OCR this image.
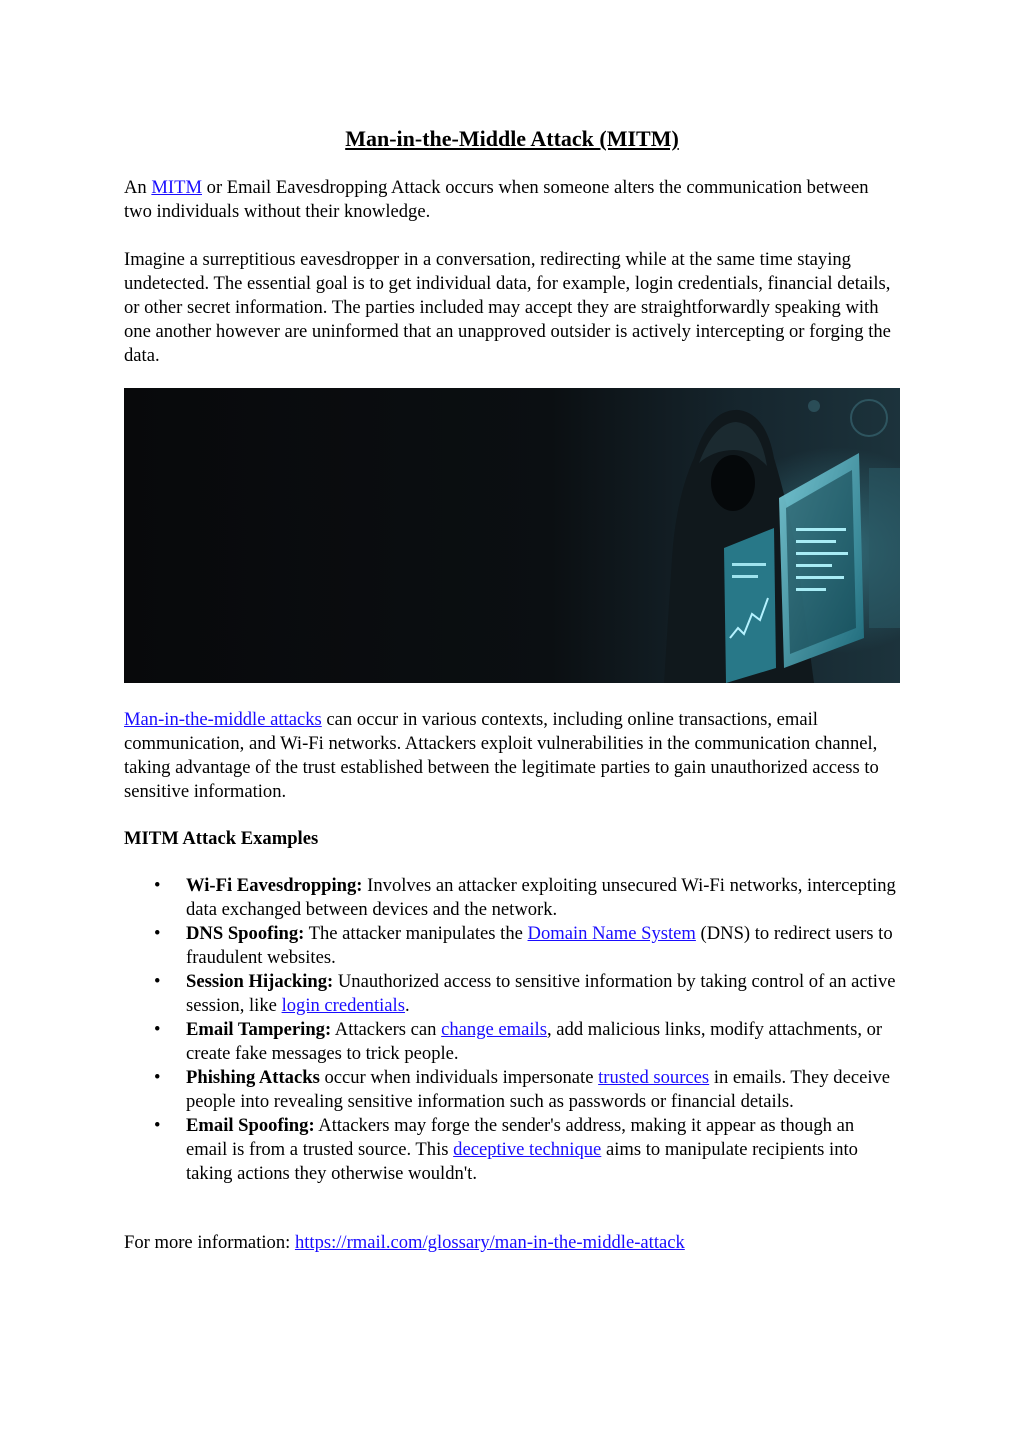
Man-in-the-Middle Attack (MITM)

An MITM or Email Eavesdropping Attack occurs when someone alters the communication between two individuals without their knowledge.

Imagine a surreptitious eavesdropper in a conversation, redirecting while at the same time staying undetected. The essential goal is to get individual data, for example, login credentials, financial details, or other secret information. The parties included may accept they are straightforwardly speaking with one another however are uninformed that an unapproved outsider is actively intercepting or forging the data.

Man-in-the-middle attacks can occur in various contexts, including online transactions, email communication, and Wi-Fi networks. Attackers exploit vulnerabilities in the communication channel, taking advantage of the trust established between the legitimate parties to gain unauthorized access to sensitive information.

MITM Attack Examples
• Wi-Fi Eavesdropping: Involves an attacker exploiting unsecured Wi-Fi networks, intercepting data exchanged between devices and the network.
• DNS Spoofing: The attacker manipulates the Domain Name System (DNS) to redirect users to fraudulent websites.
• Session Hijacking: Unauthorized access to sensitive information by taking control of an active session, like login credentials.
• Email Tampering: Attackers can change emails, add malicious links, modify attachments, or create fake messages to trick people.
• Phishing Attacks occur when individuals impersonate trusted sources in emails. They deceive people into revealing sensitive information such as passwords or financial details.
• Email Spoofing: Attackers may forge the sender's address, making it appear as though an email is from a trusted source. This deceptive technique aims to manipulate recipients into taking actions they otherwise wouldn't.

For more information: https://rmail.com/glossary/man-in-the-middle-attack
